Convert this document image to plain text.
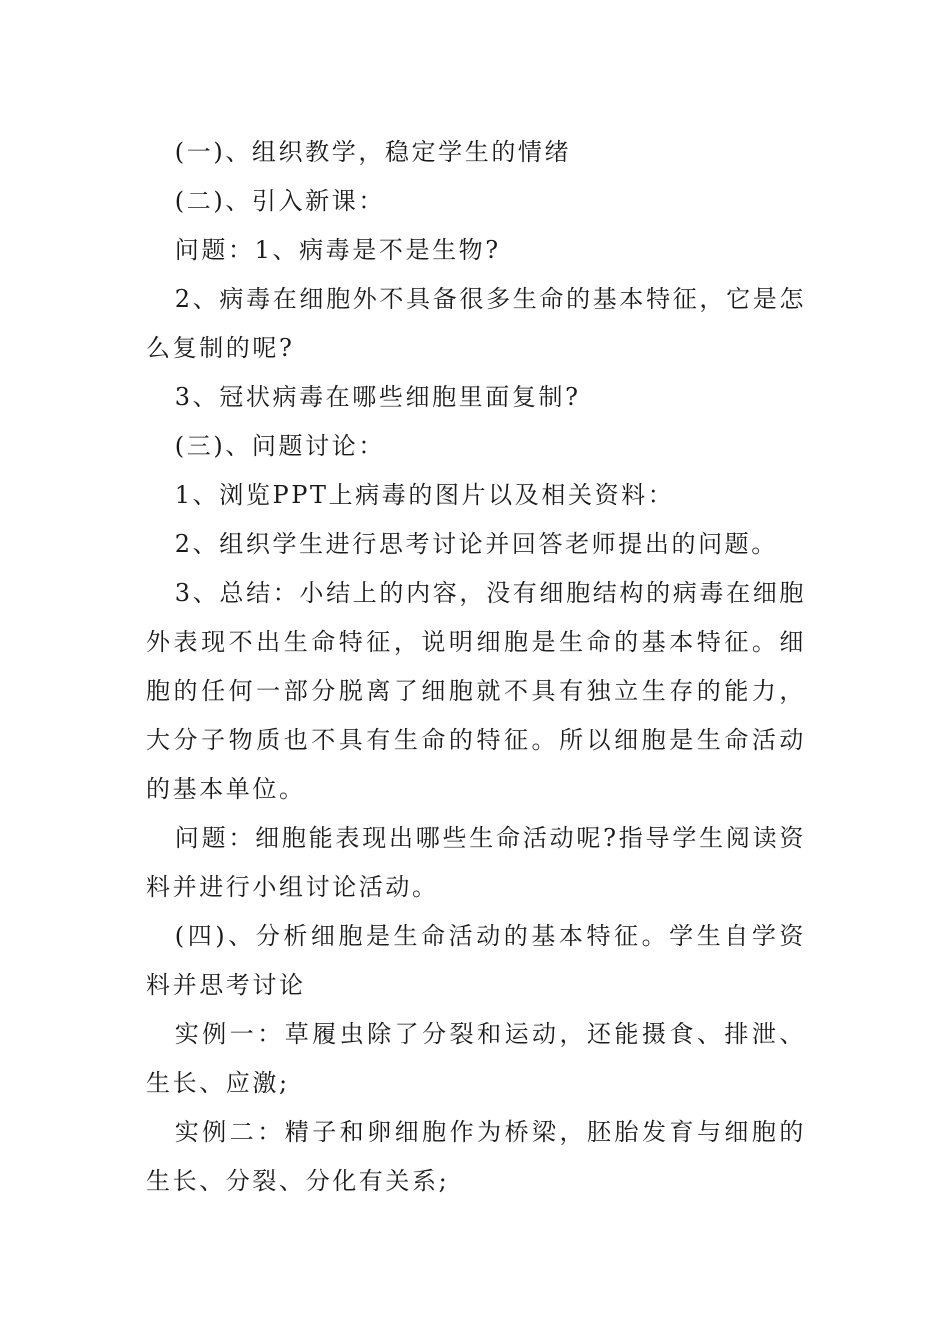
(一)、组织教学，稳定学生的情绪

(二)、引入新课：

问题：1、病毒是不是生物?

2、病毒在细胞外不具备很多生命的基本特征，它是怎么复制的呢?

3、冠状病毒在哪些细胞里面复制?

(三)、问题讨论：

1、浏览PPT上病毒的图片以及相关资料：

2、组织学生进行思考讨论并回答老师提出的问题。

3、总结：小结上的内容，没有细胞结构的病毒在细胞外表现不出生命特征，说明细胞是生命的基本特征。细胞的任何一部分脱离了细胞就不具有独立生存的能力，大分子物质也不具有生命的特征。所以细胞是生命活动的基本单位。

问题：细胞能表现出哪些生命活动呢?指导学生阅读资料并进行小组讨论活动。

(四)、分析细胞是生命活动的基本特征。学生自学资料并思考讨论

实例一：草履虫除了分裂和运动，还能摄食、排泄、生长、应激;

实例二：精子和卵细胞作为桥梁，胚胎发育与细胞的生长、分裂、分化有关系;
